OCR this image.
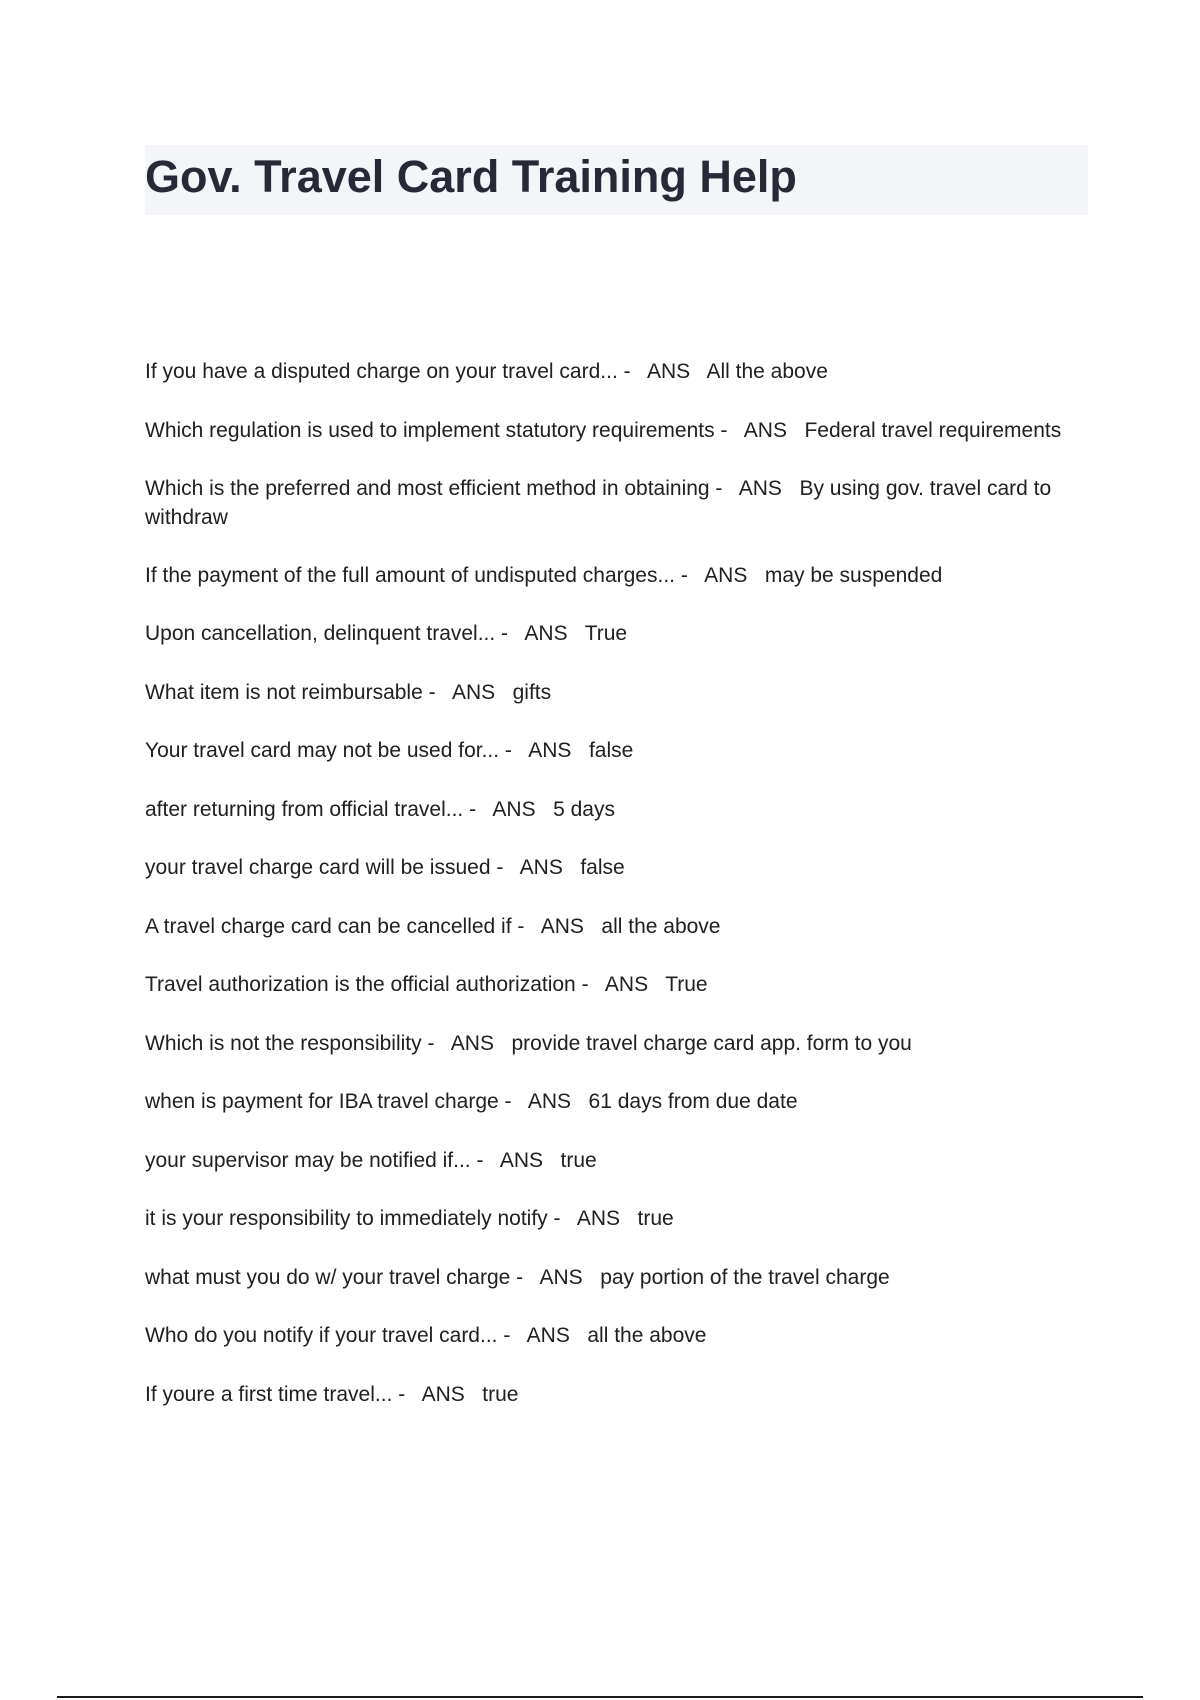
Gov. Travel Card Training Help
If you have a disputed charge on your travel card... -   ANS   All the above
Which regulation is used to implement statutory requirements -   ANS   Federal travel requirements
Which is the preferred and most efficient method in obtaining -   ANS   By using gov. travel card to withdraw
If the payment of the full amount of undisputed charges... -   ANS   may be suspended
Upon cancellation, delinquent travel... -   ANS   True
What item is not reimbursable -   ANS   gifts
Your travel card may not be used for... -   ANS   false
after returning from official travel... -   ANS   5 days
your travel charge card will be issued -   ANS   false
A travel charge card can be cancelled if -   ANS   all the above
Travel authorization is the official authorization -   ANS   True
Which is not the responsibility -   ANS   provide travel charge card app. form to you
when is payment for IBA travel charge -   ANS   61 days from due date
your supervisor may be notified if... -   ANS   true
it is your responsibility to immediately notify -   ANS   true
what must you do w/ your travel charge -   ANS   pay portion of the travel charge
Who do you notify if your travel card... -   ANS   all the above
If youre a first time travel... -   ANS   true
